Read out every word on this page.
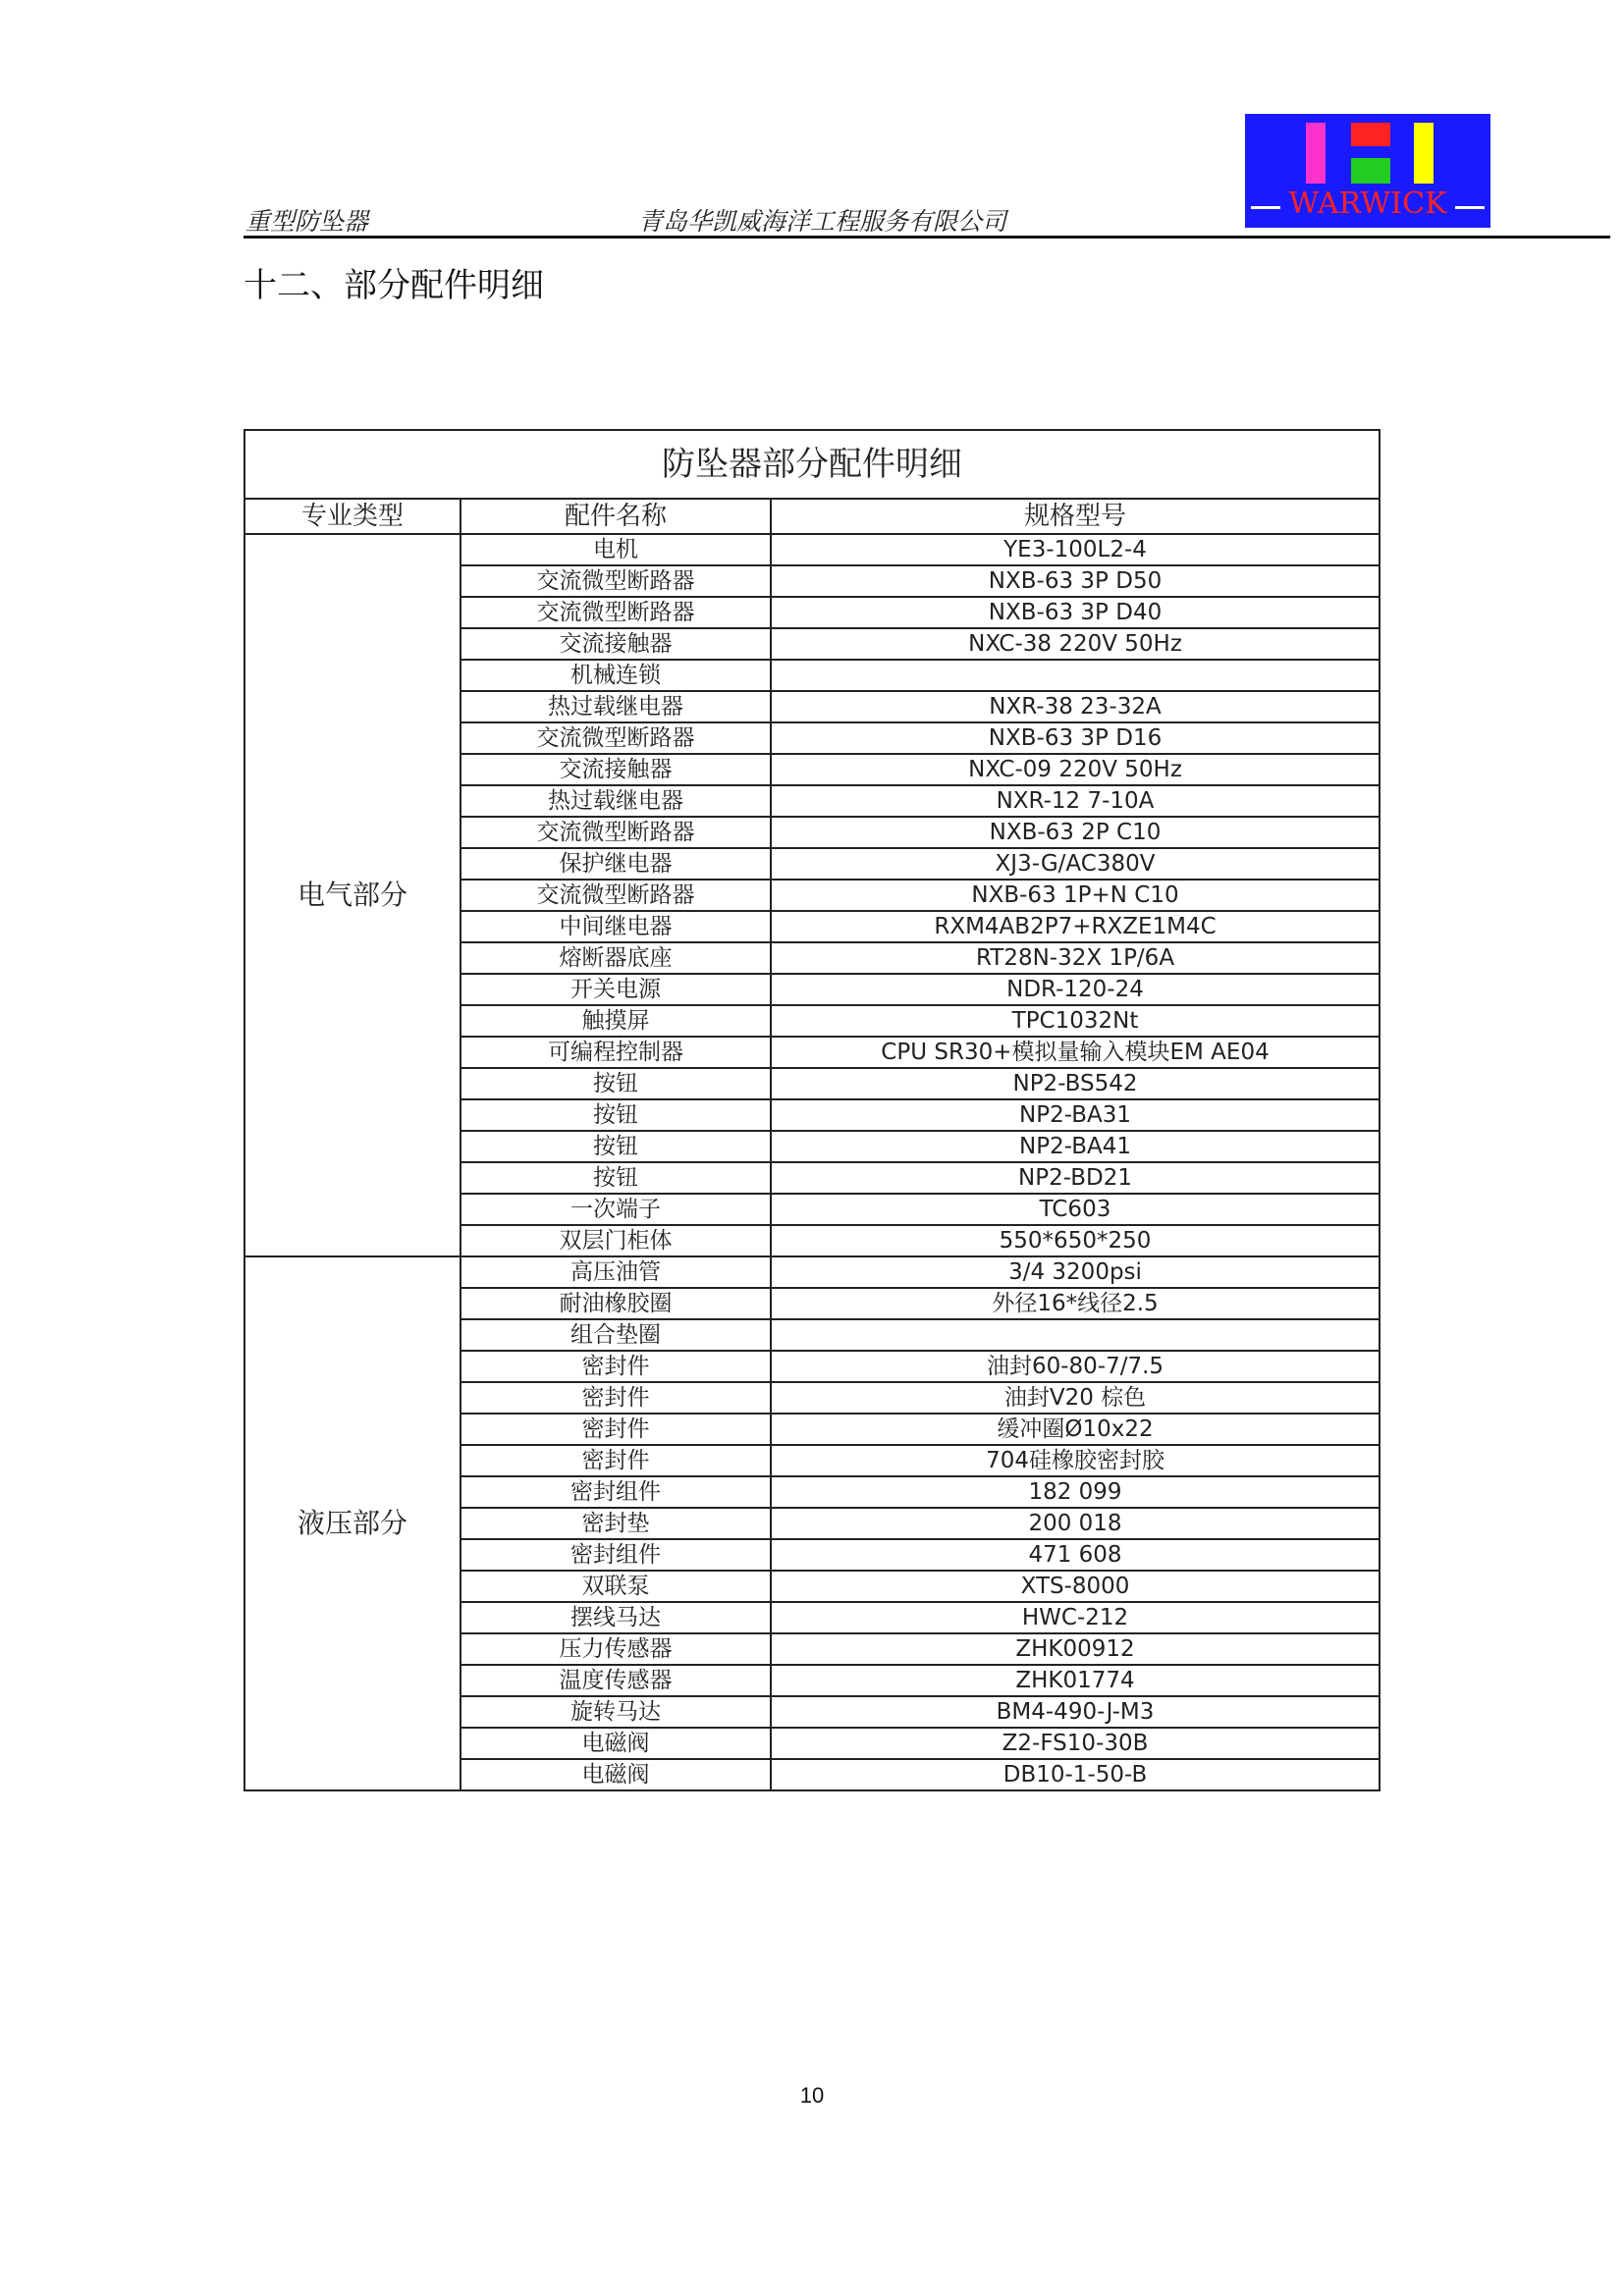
重型防坠器	青岛华凯威海洋工程服务有限公司
WARWICK
十二、部分配件明细
防坠器部分配件明细		
专业类型	配件名称	规格型号
电气部分	电机	YE3-100L2-4
	交流微型断路器	NXB-63 3P D50
	交流微型断路器	NXB-63 3P D40
	交流接触器	NXC-38 220V 50Hz
	机械连锁	
	热过载继电器	NXR-38 23-32A
	交流微型断路器	NXB-63 3P D16
	交流接触器	NXC-09 220V 50Hz
	热过载继电器	NXR-12 7-10A
	交流微型断路器	NXB-63 2P C10
	保护继电器	XJ3-G/AC380V
	交流微型断路器	NXB-63 1P+N C10
	中间继电器	RXM4AB2P7+RXZE1M4C
	熔断器底座	RT28N-32X 1P/6A
	开关电源	NDR-120-24
	触摸屏	TPC1032Nt
	可编程控制器	CPU SR30+模拟量输入模块EM AE04
	按钮	NP2-BS542
	按钮	NP2-BA31
	按钮	NP2-BA41
	按钮	NP2-BD21
	一次端子	TC603
	双层门柜体	550*650*250
液压部分	高压油管	3/4 3200psi
	耐油橡胶圈	外径16*线径2.5
	组合垫圈	
	密封件	油封60-80-7/7.5
	密封件	油封V20 棕色
	密封件	缓冲圈Ø10x22
	密封件	704硅橡胶密封胶
	密封组件	182 099
	密封垫	200 018
	密封组件	471 608
	双联泵	XTS-8000
	摆线马达	HWC-212
	压力传感器	ZHK00912
	温度传感器	ZHK01774
	旋转马达	BM4-490-J-M3
	电磁阀	Z2-FS10-30B
	电磁阀	DB10-1-50-B
10
